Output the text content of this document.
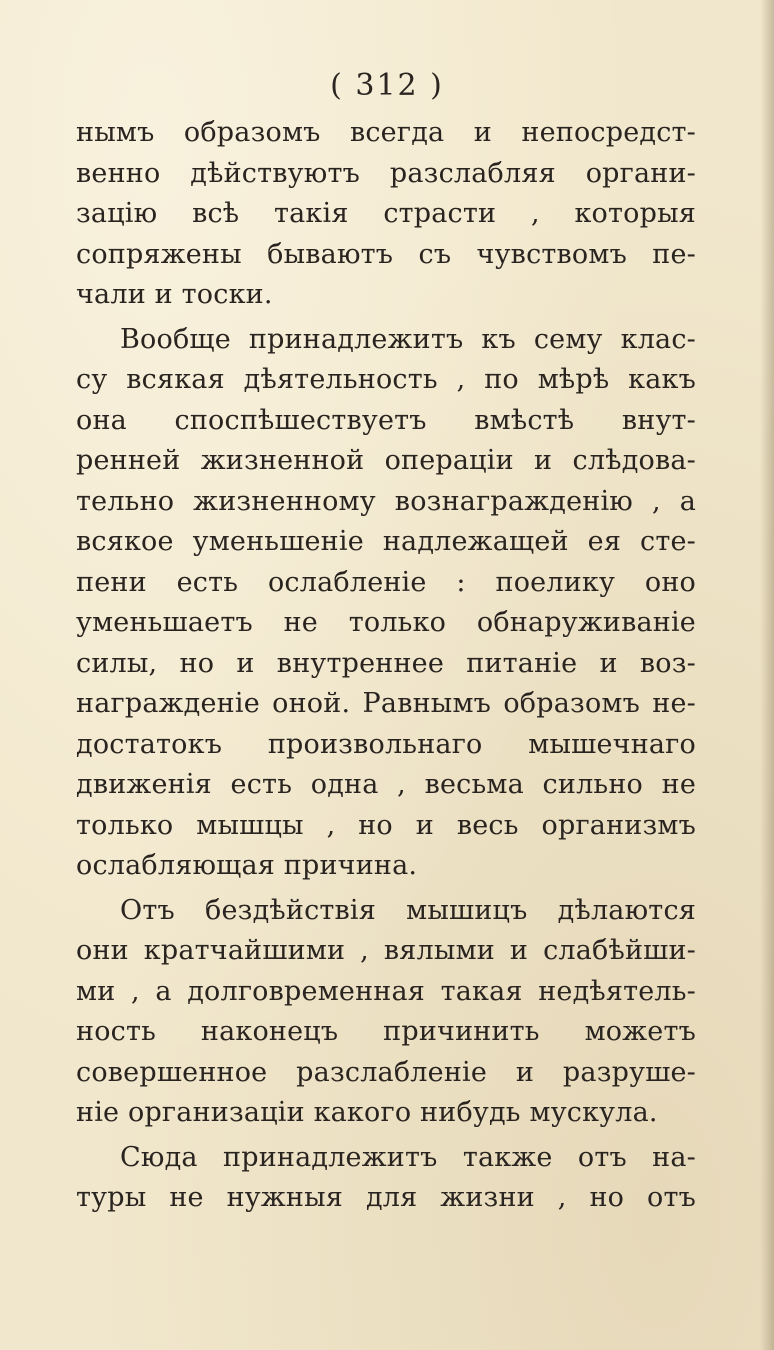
( 312 )
нымъ образомъ всегда и непосредст-
венно дѣйствуютъ разслабляя органи-
зацію всѣ такія страсти , которыя
сопряжены бываютъ съ чувствомъ пе-
чали и тоски.
Вообще принадлежитъ къ сему клас-
су всякая дѣятельность , по мѣрѣ какъ
она споспѣшествуетъ вмѣстѣ внут-
ренней жизненной операціи и слѣдова-
тельно жизненному вознагражденію , а
всякое уменьшеніе надлежащей ея сте-
пени есть ослабленіе : поелику оно
уменьшаетъ не только обнаруживаніе
силы, но и внутреннее питаніе и воз-
награжденіе оной. Равнымъ образомъ не-
достатокъ произвольнаго мышечнаго
движенія есть одна , весьма сильно не
только мышцы , но и весь организмъ
ослабляющая причина.
Отъ бездѣйствія мышицъ дѣлаются
они кратчайшими , вялыми и слабѣйши-
ми , а долговременная такая недѣятель-
ность наконецъ причинить можетъ
совершенное разслабленіе и разруше-
ніе организаціи какого нибудь мускула.
Сюда принадлежитъ также отъ на-
туры не нужныя для жизни , но отъ
